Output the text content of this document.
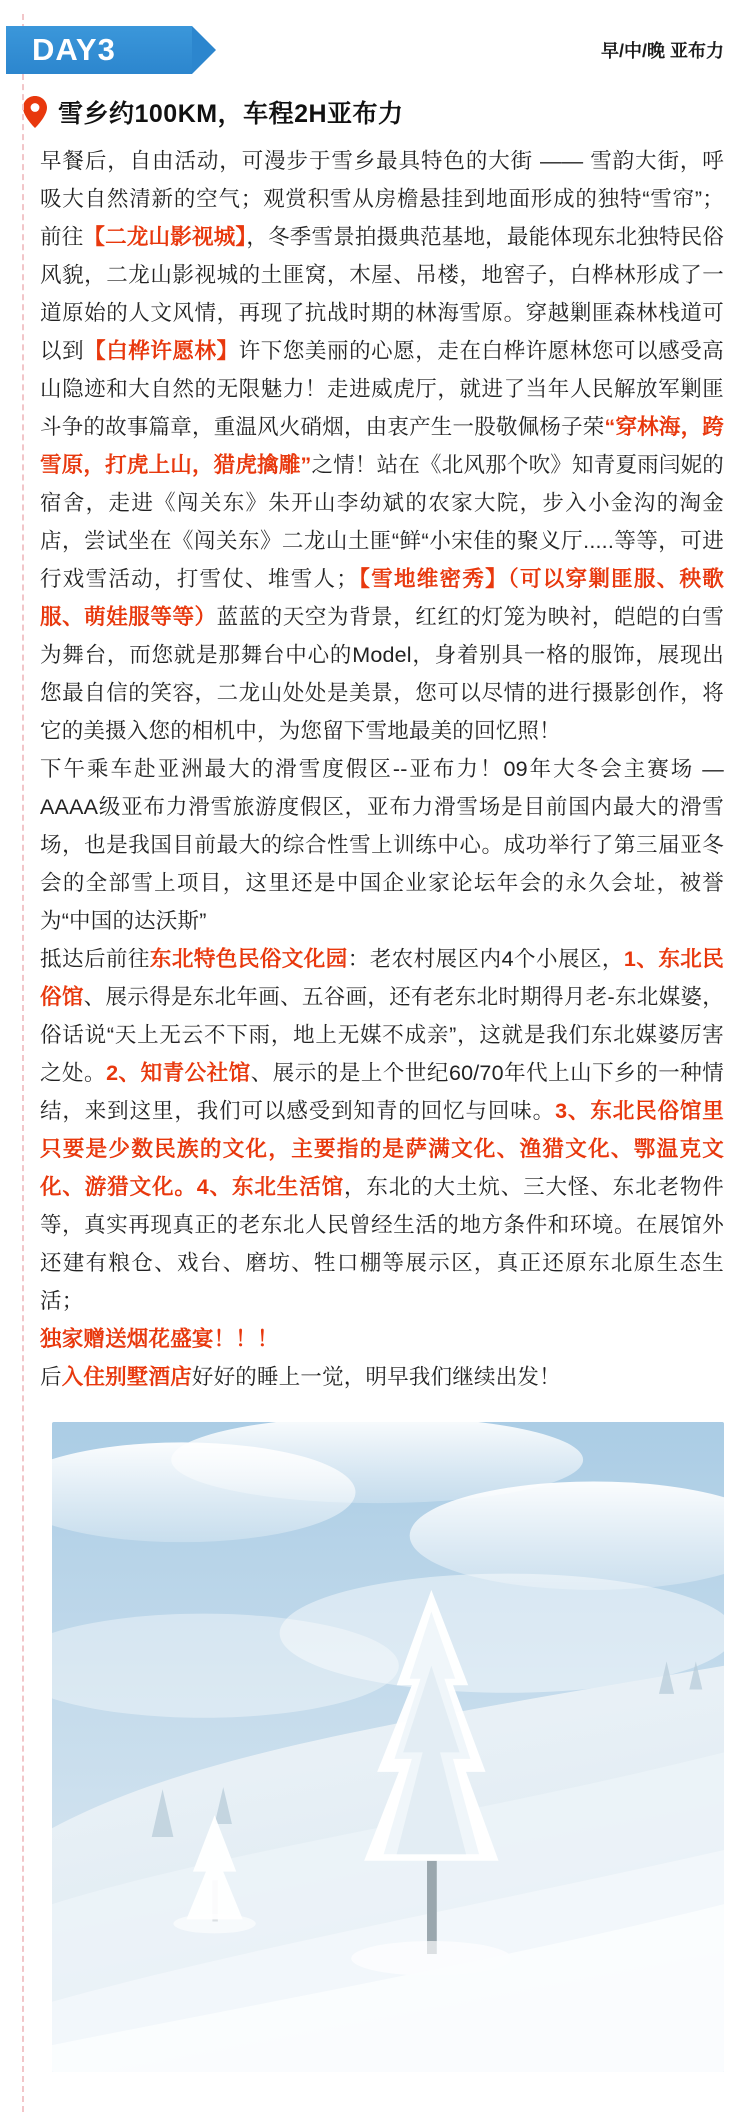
DAY3	早/中/晚 亚布力
雪乡约100KM，车程2H亚布力

早餐后，自由活动，可漫步于雪乡最具特色的大街 —— 雪韵大街，呼吸大自然清新的空气；观赏积雪从房檐悬挂到地面形成的独特“雪帘”； 前往【二龙山影视城】，冬季雪景拍摄典范基地，最能体现东北独特民俗风貌，二龙山影视城的土匪窝，木屋、吊楼，地窖子，白桦林形成了一道原始的人文风情，再现了抗战时期的林海雪原。穿越剿匪森林栈道可以到【白桦许愿林】许下您美丽的心愿，走在白桦许愿林您可以感受高山隐迹和大自然的无限魅力！走进威虎厅，就进了当年人民解放军剿匪斗争的故事篇章，重温风火硝烟，由衷产生一股敬佩杨子荣“穿林海，跨雪原，打虎上山，猎虎擒雕”之情！站在《北风那个吹》知青夏雨闫妮的宿舍，走进《闯关东》朱开山李幼斌的农家大院，步入小金沟的淘金店，尝试坐在《闯关东》二龙山土匪“鲜“小宋佳的聚义厅.....等等，可进行戏雪活动，打雪仗、堆雪人；【雪地维密秀】（可以穿剿匪服、秧歌服、萌娃服等等）蓝蓝的天空为背景，红红的灯笼为映衬，皑皑的白雪为舞台，而您就是那舞台中心的Model，身着别具一格的服饰，展现出您最自信的笑容，二龙山处处是美景，您可以尽情的进行摄影创作，将它的美摄入您的相机中，为您留下雪地最美的回忆照！

下午乘车赴亚洲最大的滑雪度假区--亚布力！09年大冬会主赛场 —AAAA级亚布力滑雪旅游度假区，亚布力滑雪场是目前国内最大的滑雪场，也是我国目前最大的综合性雪上训练中心。成功举行了第三届亚冬会的全部雪上项目，这里还是中国企业家论坛年会的永久会址，被誉为“中国的达沃斯”

抵达后前往东北特色民俗文化园：老农村展区内4个小展区，1、东北民俗馆、展示得是东北年画、五谷画，还有老东北时期得月老-东北媒婆，俗话说“天上无云不下雨，地上无媒不成亲”，这就是我们东北媒婆厉害之处。2、知青公社馆、展示的是上个世纪60/70年代上山下乡的一种情结，来到这里，我们可以感受到知青的回忆与回味。3、东北民俗馆里只要是少数民族的文化，主要指的是萨满文化、渔猎文化、鄂温克文化、游猎文化。4、东北生活馆，东北的大土炕、三大怪、东北老物件等，真实再现真正的老东北人民曾经生活的地方条件和环境。在展馆外还建有粮仓、戏台、磨坊、牲口棚等展示区，真正还原东北原生态生活；

独家赠送烟花盛宴！！！

后入住别墅酒店好好的睡上一觉，明早我们继续出发！
